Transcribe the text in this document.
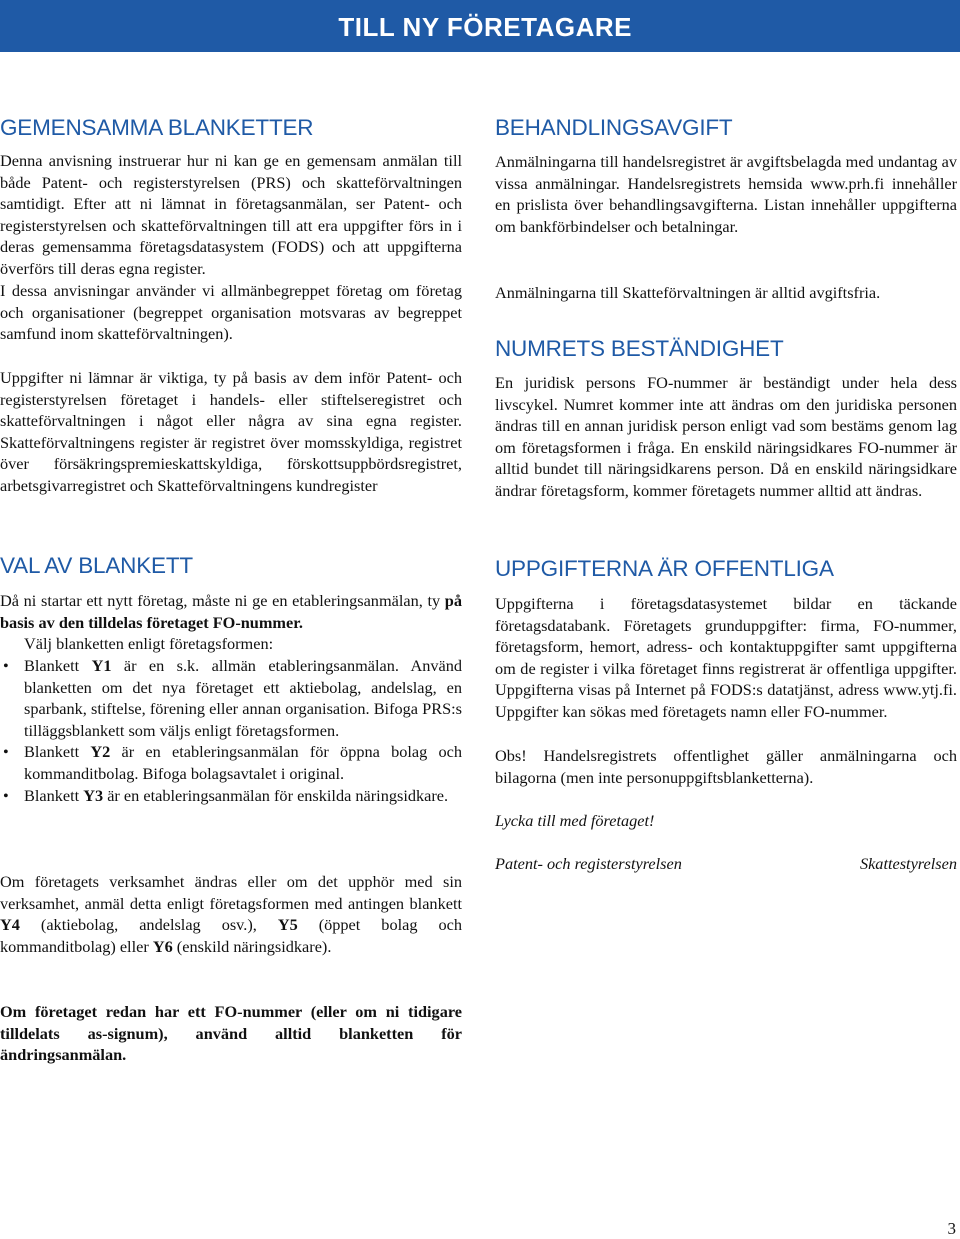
TILL NY FÖRETAGARE
GEMENSAMMA BLANKETTER

Denna anvisning instruerar hur ni kan ge en gemensam anmälan till både Patent- och registerstyrelsen (PRS) och skatteförvaltningen samtidigt. Efter att ni lämnat in företagsanmälan, ser Patent- och registerstyrelsen och skatteförvaltningen till att era uppgifter förs in i deras gemensamma företagsdatasystem (FODS) och att uppgifterna överförs till deras egna register.

I dessa anvisningar använder vi allmänbegreppet företag om företag och organisationer (begreppet organisation motsvaras av begreppet samfund inom skatteförvaltningen).

Uppgifter ni lämnar är viktiga, ty på basis av dem inför Patent- och registerstyrelsen företaget i handels- eller stiftelseregistret och skatteförvaltningen i något eller några av sina egna register. Skatteförvaltningens register är registret över momsskyldiga, registret över försäkringspremieskattskyldiga, förskottsuppbördsregistret, arbetsgivarregistret och Skatteförvaltningens kundregister

VAL AV BLANKETT

Då ni startar ett nytt företag, måste ni ge en etableringsanmälan, ty på basis av den tilldelas företaget FO-nummer.
Välj blanketten enligt företagsformen:

• Blankett Y1 är en s.k. allmän etableringsanmälan. Använd blanketten om det nya företaget ett aktiebolag, andelslag, en sparbank, stiftelse, förening eller annan organisation. Bifoga PRS:s tilläggsblankett som väljs enligt företagsformen.
• Blankett Y2 är en etableringsanmälan för öppna bolag och kommanditbolag. Bifoga bolagsavtalet i original.
• Blankett Y3 är en etableringsanmälan för enskilda näringsidkare.

Om företagets verksamhet ändras eller om det upphör med sin verksamhet, anmäl detta enligt företagsformen med antingen blankett Y4 (aktiebolag, andelslag osv.), Y5 (öppet bolag och kommanditbolag) eller Y6 (enskild näringsidkare).

Om företaget redan har ett FO-nummer (eller om ni tidigare tilldelats as-signum), använd alltid blanketten för ändringsanmälan.

BEHANDLINGSAVGIFT

Anmälningarna till handelsregistret är avgiftsbelagda med undantag av vissa anmälningar. Handelsregistrets hemsida www.prh.fi innehåller en prislista över behandlingsavgifterna. Listan innehåller uppgifterna om bankförbindelser och betalningar.

Anmälningarna till Skatteförvaltningen är alltid avgiftsfria.

NUMRETS BESTÄNDIGHET

En juridisk persons FO-nummer är beständigt under hela dess livscykel. Numret kommer inte att ändras om den juridiska personen ändras till en annan juridisk person enligt vad som bestäms genom lag om företagsformen i fråga. En enskild näringsidkares FO-nummer är alltid bundet till näringsidkarens person. Då en enskild näringsidkare ändrar företagsform, kommer företagets nummer alltid att ändras.

UPPGIFTERNA ÄR OFFENTLIGA

Uppgifterna i företagsdatasystemet bildar en täckande företagsdatabank. Företagets grunduppgifter: firma, FO-nummer, företagsform, hemort, adress- och kontaktuppgifter samt uppgifterna om de register i vilka företaget finns registrerat är offentliga uppgifter. Uppgifterna visas på Internet på FODS:s datatjänst, adress www.ytj.fi. Uppgifter kan sökas med företagets namn eller FO-nummer.

Obs! Handelsregistrets offentlighet gäller anmälningarna och bilagorna (men inte personuppgiftsblanketterna).

Lycka till med företaget!

Patent- och registerstyrelsen	Skattestyrelsen
3
